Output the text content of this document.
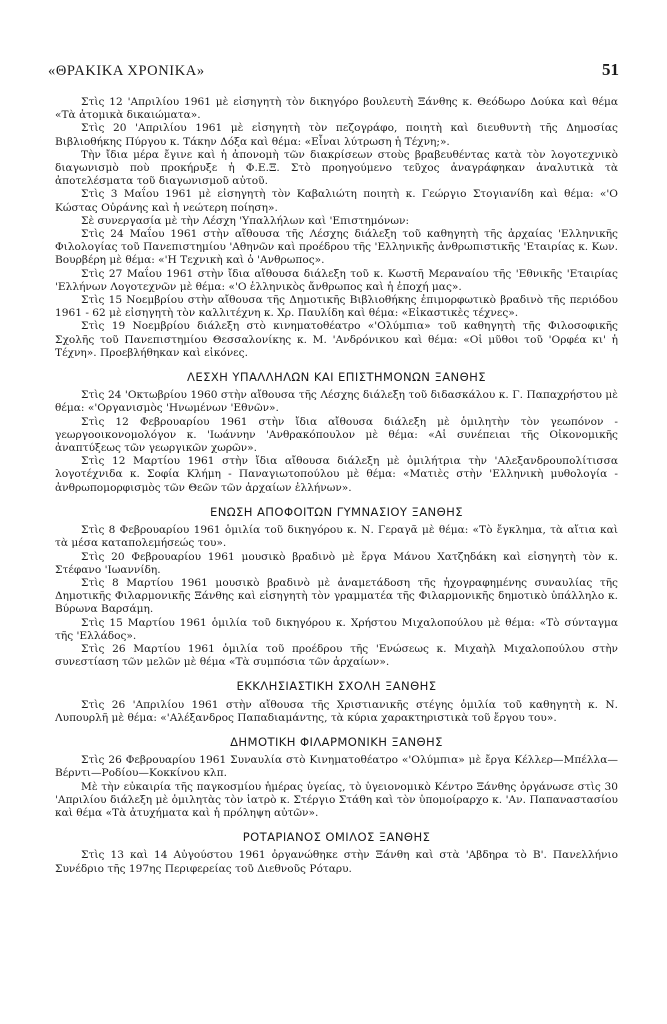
«ΘΡΑΚΙΚΑ ΧΡΟΝΙΚΑ»	51

Στὶς 12 'Απριλίου 1961 μὲ εἰσηγητὴ τὸν δικηγόρο βουλευτὴ Ξάνθης κ. Θεόδωρο Δούκα καὶ θέμα «Τὰ ἀτομικὰ δικαιώματα».

Στὶς 20 'Απριλίου 1961 μὲ εἰσηγητὴ τὸν πεζογράφο, ποιητὴ καὶ διευθυντὴ τῆς Δημοσίας Βιβλιοθήκης Πύργου κ. Τάκην Δόξα καὶ θέμα: «Εἶναι λύτρωση ἡ Τέχνη;».

Τὴν ἴδια μέρα ἔγινε καὶ ἡ ἀπονομὴ τῶν διακρίσεων στοὺς βραβευθέντας κατὰ τὸν λογοτεχνικὸ διαγωνισμὸ ποὺ προκήρυξε ἡ Φ.Ε.Ξ. Στὸ προηγούμενο τεῦχος ἀναγράφηκαν ἀναλυτικὰ τὰ ἀποτελέσματα τοῦ διαγωνισμοῦ αὐτοῦ.

Στὶς 3 Μαΐου 1961 μὲ εἰσηγητὴ τὸν Καβαλιώτη ποιητὴ κ. Γεώργιο Στογιανίδη καὶ θέμα: «'Ο Κώστας Οὐράνης καὶ ἡ νεώτερη ποίηση».

Σὲ συνεργασία μὲ τὴν Λέσχη 'Υπαλλήλων καὶ 'Επιστημόνων:

Στὶς 24 Μαΐου 1961 στὴν αἴθουσα τῆς Λέσχης διάλεξη τοῦ καθηγητὴ τῆς ἀρχαίας 'Ελληνικῆς Φιλολογίας τοῦ Πανεπιστημίου 'Αθηνῶν καὶ προέδρου τῆς 'Ελληνικῆς ἀνθρωπιστικῆς 'Εταιρίας κ. Κων. Βουρβέρη μὲ θέμα: «'Η Τεχνικὴ καὶ ὁ 'Ανθρωπος».

Στὶς 27 Μαΐου 1961 στὴν ἴδια αἴθουσα διάλεξη τοῦ κ. Κωστῆ Μεραναίου τῆς 'Εθνικῆς 'Εταιρίας 'Ελλήνων Λογοτεχνῶν μὲ θέμα: «'Ο ἑλληνικὸς ἄνθρωπος καὶ ἡ ἐποχή μας».

Στὶς 15 Νοεμβρίου στὴν αἴθουσα τῆς Δημοτικῆς Βιβλιοθήκης ἐπιμορφωτικὸ βραδινὸ τῆς περιόδου 1961 - 62 μὲ εἰσηγητὴ τὸν καλλιτέχνη κ. Χρ. Παυλίδη καὶ θέμα: «Εἰκαστικὲς τέχνες».

Στὶς 19 Νοεμβρίου διάλεξη στὸ κινηματοθέατρο «'Ολύμπια» τοῦ καθηγητὴ τῆς Φιλοσοφικῆς Σχολῆς τοῦ Πανεπιστημίου Θεσσαλονίκης κ. Μ. 'Ανδρόνικου καὶ θέμα: «Οἱ μῦθοι τοῦ 'Ορφέα κι' ἡ Τέχνη». Προεβλήθηκαν καὶ εἰκόνες.

ΛΕΣΧΗ ΥΠΑΛΛΗΛΩΝ ΚΑΙ ΕΠΙΣΤΗΜΟΝΩΝ ΞΑΝΘΗΣ

Στὶς 24 'Οκτωβρίου 1960 στὴν αἴθουσα τῆς Λέσχης διάλεξη τοῦ διδασκάλου κ. Γ. Παπαχρήστου μὲ θέμα: «'Οργανισμὸς 'Ηνωμένων 'Εθνῶν».

Στὶς 12 Φεβρουαρίου 1961 στὴν ἴδια αἴθουσα διάλεξη μὲ ὁμιλητὴν τὸν γεωπόνον - γεωργοοικονομολόγον κ. 'Ιωάννην 'Ανθρακόπουλον μὲ θέμα: «Αἱ συνέπειαι τῆς Οἰκονομικῆς ἀναπτύξεως τῶν γεωργικῶν χωρῶν».

Στὶς 12 Μαρτίου 1961 στὴν ἴδια αἴθουσα διάλεξη μὲ ὁμιλήτρια τὴν 'Αλεξανδρουπολίτισσα λογοτέχνιδα κ. Σοφία Κλήμη - Παναγιωτοπούλου μὲ θέμα: «Ματιὲς στὴν 'Ελληνικὴ μυθολογία - ἀνθρωπομορφισμὸς τῶν Θεῶν τῶν ἀρχαίων ἑλλήνων».

ΕΝΩΣΗ ΑΠΟΦΟΙΤΩΝ ΓΥΜΝΑΣΙΟΥ ΞΑΝΘΗΣ

Στὶς 8 Φεβρουαρίου 1961 ὁμιλία τοῦ δικηγόρου κ. Ν. Γεραγᾶ μὲ θέμα: «Τὸ ἔγκλημα, τὰ αἴτια καὶ τὰ μέσα καταπολεμήσεώς του».

Στὶς 20 Φεβρουαρίου 1961 μουσικὸ βραδινὸ μὲ ἔργα Μάνου Χατζηδάκη καὶ εἰσηγητὴ τὸν κ. Στέφανο 'Ιωαννίδη.

Στὶς 8 Μαρτίου 1961 μουσικὸ βραδινὸ μὲ ἀναμετάδοση τῆς ἠχογραφημένης συναυλίας τῆς Δημοτικῆς Φιλαρμονικῆς Ξάνθης καὶ εἰσηγητὴ τὸν γραμματέα τῆς Φιλαρμονικῆς δημοτικὸ ὑπάλληλο κ. Βύρωνα Βαρσάμη.

Στὶς 15 Μαρτίου 1961 ὁμιλία τοῦ δικηγόρου κ. Χρήστου Μιχαλοπούλου μὲ θέμα: «Τὸ σύνταγμα τῆς 'Ελλάδος».

Στὶς 26 Μαρτίου 1961 ὁμιλία τοῦ προέδρου τῆς 'Ενώσεως κ. Μιχαὴλ Μιχαλοπούλου στὴν συνεστίαση τῶν μελῶν μὲ θέμα «Τὰ συμπόσια τῶν ἀρχαίων».

ΕΚΚΛΗΣΙΑΣΤΙΚΗ ΣΧΟΛΗ ΞΑΝΘΗΣ

Στὶς 26 'Απριλίου 1961 στὴν αἴθουσα τῆς Χριστιανικῆς στέγης ὁμιλία τοῦ καθηγητὴ κ. Ν. Λυπουρλῆ μὲ θέμα: «'Αλέξανδρος Παπαδιαμάντης, τὰ κύρια χαρακτηριστικὰ τοῦ ἔργου του».

ΔΗΜΟΤΙΚΗ ΦΙΛΑΡΜΟΝΙΚΗ ΞΑΝΘΗΣ

Στὶς 26 Φεβρουαρίου 1961 Συναυλία στὸ Κινηματοθέατρο «'Ολύμπια» μὲ ἔργα Κέλλερ—Μπέλλα—Βέρντι—Ροδίου—Κοκκίνου κλπ.

Μὲ τὴν εὐκαιρία τῆς παγκοσμίου ἡμέρας ὑγείας, τὸ ὑγειονομικὸ Κέντρο Ξάνθης ὀργάνωσε στὶς 30 'Απριλίου διάλεξη μὲ ὁμιλητὰς τὸν ἰατρὸ κ. Στέργιο Στάθη καὶ τὸν ὑπομοίραρχο κ. 'Αν. Παπαναστασίου καὶ θέμα «Τὰ ἀτυχήματα καὶ ἡ πρόληψη αὐτῶν».

ΡΟΤΑΡΙΑΝΟΣ ΟΜΙΛΟΣ ΞΑΝΘΗΣ

Στὶς 13 καὶ 14 Αὐγούστου 1961 ὀργανώθηκε στὴν Ξάνθη καὶ στὰ 'Αβδηρα τὸ Β'. Πανελλήνιο Συνέδριο τῆς 197ης Περιφερείας τοῦ Διεθνοῦς Ρόταρυ.
